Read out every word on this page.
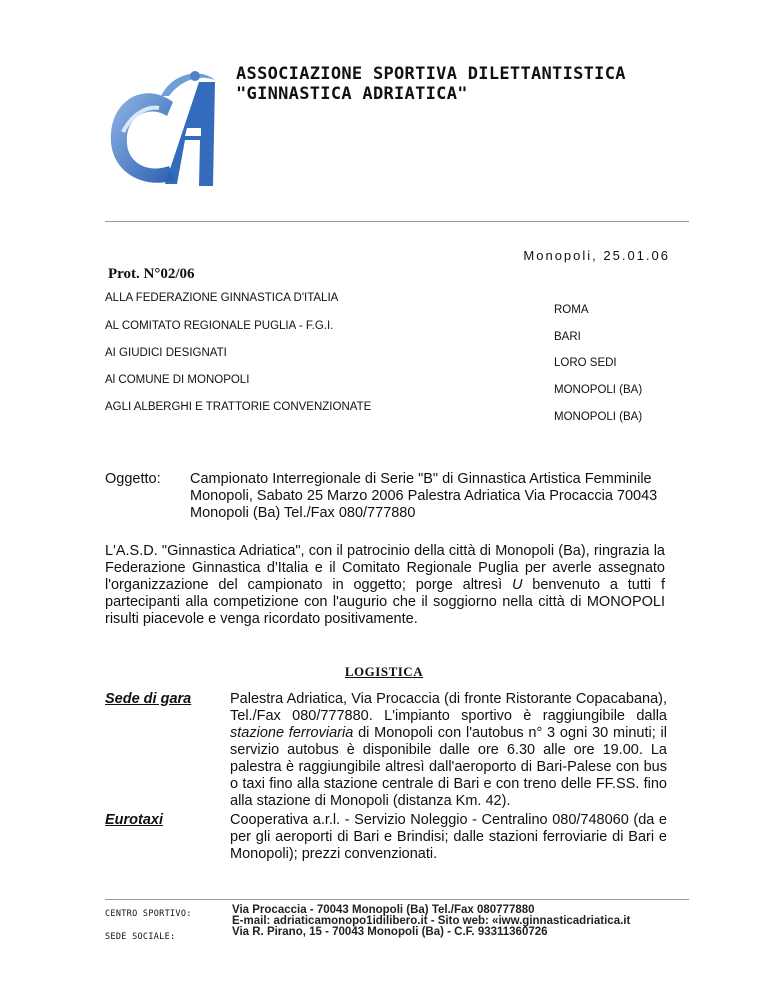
ASSOCIAZIONE SPORTIVA DILETTANTISTICA
"GINNASTICA ADRIATICA"
Monopoli, 25.01.06
Prot. N°02/06
ALLA FEDERAZIONE GINNASTICA D'ITALIA
ROMA
AL COMITATO REGIONALE PUGLIA - F.G.I.
BARI
AI GIUDICI DESIGNATI
LORO SEDI
Al COMUNE DI MONOPOLI
MONOPOLI (BA)
AGLI ALBERGHI E TRATTORIE CONVENZIONATE
MONOPOLI (BA)
Oggetto: Campionato Interregionale di Serie "B" di Ginnastica Artistica Femminile
Monopoli, Sabato 25 Marzo 2006 Palestra Adriatica Via Procaccia 70043
Monopoli (Ba) Tel./Fax 080/777880
L'A.S.D. "Ginnastica Adriatica", con il patrocinio della città di Monopoli (Ba), ringrazia la Federazione Ginnastica d'Italia e il Comitato Regionale Puglia per averle assegnato l'organizzazione del campionato in oggetto; porge altresì U benvenuto a tutti f partecipanti alla competizione con l'augurio che il soggiorno nella città di MONOPOLI risulti piacevole e venga ricordato positivamente.
LOGISTICA
Sede di gara	Palestra Adriatica, Via Procaccia (di fronte Ristorante Copacabana), Tel./Fax 080/777880. L'impianto sportivo è raggiungibile dalla stazione ferroviaria di Monopoli con l'autobus n° 3 ogni 30 minuti; il servizio autobus è disponibile dalle ore 6.30 alle ore 19.00. La palestra è raggiungibile altresì dall'aeroporto di Bari-Palese con bus o taxi fino alla stazione centrale di Bari e con treno delle FF.SS. fino alla stazione di Monopoli (distanza Km. 42).
Eurotaxi	Cooperativa a.r.l. - Servizio Noleggio - Centralino 080/748060 (da e per gli aeroporti di Bari e Brindisi; dalle stazioni ferroviarie di Bari e Monopoli); prezzi convenzionati.
CENTRO SPORTIVO:
SEDE SOCIALE:
Via Procaccia - 70043 Monopoli (Ba) Tel./Fax 080777880
E-mail: adriaticamonopo1idilibero.it - Sito web: «iww.ginnasticadriatica.it
Via R. Pirano, 15 - 70043 Monopoli (Ba) - C.F. 93311360726
